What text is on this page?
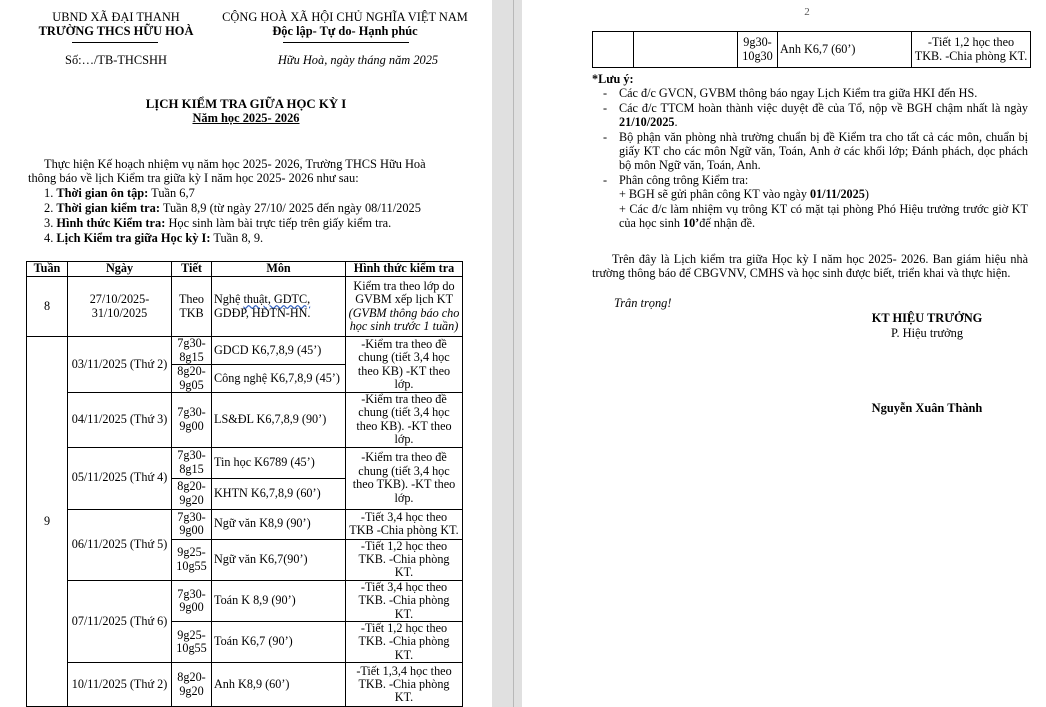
UBND XÃ ĐẠI THANH
TRƯỜNG THCS HỮU HOÀ
Số:…/TB-THCSHH
CỘNG HOÀ XÃ HỘI CHỦ NGHĨA VIỆT NAM
Độc lập- Tự do- Hạnh phúc
Hữu Hoà, ngày tháng năm 2025
LỊCH KIỂM TRA GIỮA HỌC KỲ I
Năm học 2025- 2026
Thực hiện Kế hoạch nhiệm vụ năm học 2025- 2026, Trường THCS Hữu Hoà
thông báo về lịch Kiểm tra giữa kỳ I năm học 2025- 2026 như sau:
1. Thời gian ôn tập: Tuần 6,7
2. Thời gian kiểm tra: Tuần 8,9 (từ ngày 27/10/ 2025 đến ngày 08/11/2025
3. Hình thức Kiểm tra: Học sinh làm bài trực tiếp trên giấy kiểm tra.
4. Lịch Kiểm tra giữa Học kỳ I: Tuần 8, 9.
Tuần	Ngày	Tiết	Môn	Hình thức kiểm tra
8	27/10/2025-31/10/2025	Theo TKB	Nghệ thuật, GDTC, GDĐP, HĐTN-HN.	Kiểm tra theo lớp do GVBM xếp lịch KT (GVBM thông báo cho học sinh trước 1 tuần)
9	03/11/2025 (Thứ 2)	7g30-8g15	GDCD K6,7,8,9 (45’)	-Kiểm tra theo đề chung (tiết 3,4 học theo KB) -KT theo lớp.
		8g20-9g05	Công nghệ K6,7,8,9 (45’)	
	04/11/2025 (Thứ 3)	7g30-9g00	LS&ĐL K6,7,8,9 (90’)	-Kiểm tra theo đề chung (tiết 3,4 học theo KB). -KT theo lớp.
	05/11/2025 (Thứ 4)	7g30-8g15	Tin học K6789 (45’)	-Kiểm tra theo đề chung (tiết 3,4 học theo TKB). -KT theo lớp.
		8g20-9g20	KHTN K6,7,8,9 (60’)	
	06/11/2025 (Thứ 5)	7g30-9g00	Ngữ văn K8,9 (90’)	-Tiết 3,4 học theo TKB -Chia phòng KT.
		9g25-10g55	Ngữ văn K6,7(90’)	-Tiết 1,2 học theo TKB. -Chia phòng KT.
	07/11/2025 (Thứ 6)	7g30-9g00	Toán K 8,9 (90’)	-Tiết 3,4 học theo TKB. -Chia phòng KT.
		9g25-10g55	Toán K6,7 (90’)	-Tiết 1,2 học theo TKB. -Chia phòng KT.
	10/11/2025 (Thứ 2)	8g20-9g20	Anh K8,9 (60’)	-Tiết 1,3,4 học theo TKB. -Chia phòng KT.
2
		9g30-10g30	Anh K6,7 (60’)	-Tiết 1,2 học theo TKB. -Chia phòng KT.
*Lưu ý:
- Các đ/c GVCN, GVBM thông báo ngay Lịch Kiểm tra giữa HKI đến HS.
- Các đ/c TTCM hoàn thành việc duyệt đề của Tổ, nộp về BGH chậm nhất là ngày 21/10/2025.
- Bộ phận văn phòng nhà trường chuẩn bị đề Kiểm tra cho tất cả các môn, chuẩn bị giấy KT cho các môn Ngữ văn, Toán, Anh ở các khối lớp; Đánh phách, dọc phách bộ môn Ngữ văn, Toán, Anh.
- Phân công trông Kiểm tra:
+ BGH sẽ gửi phân công KT vào ngày 01/11/2025)
+ Các đ/c làm nhiệm vụ trông KT có mặt tại phòng Phó Hiệu trưởng trước giờ KT của học sinh 10’để nhận đề.
Trên đây là Lịch kiểm tra giữa Học kỳ I năm học 2025- 2026. Ban giám hiệu nhà trường thông báo để CBGVNV, CMHS và học sinh được biết, triển khai và thực hiện.
Trân trọng!
KT HIỆU TRƯỞNG
P. Hiệu trưởng
Nguyễn Xuân Thành
